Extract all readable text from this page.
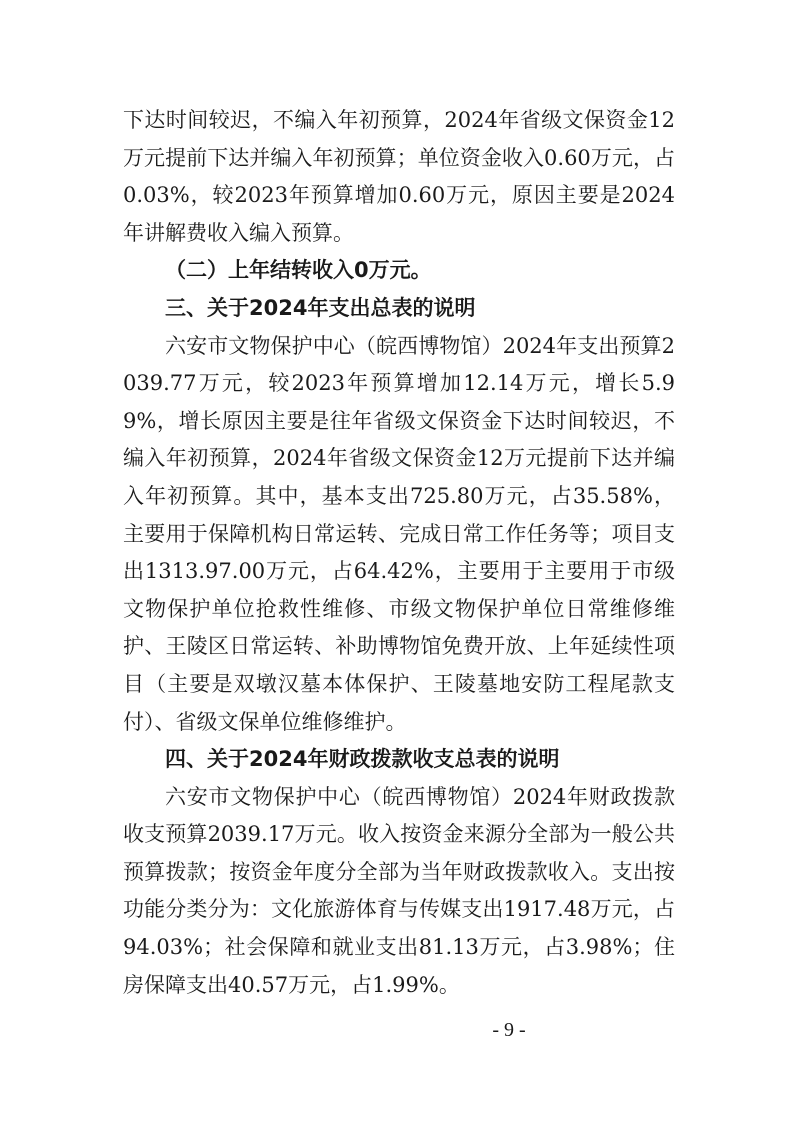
下达时间较迟，不编入年初预算，2024年省级文保资金12万元提前下达并编入年初预算；单位资金收入0.60万元，占0.03%，较2023年预算增加0.60万元，原因主要是2024年讲解费收入编入预算。

（二）上年结转收入0万元。

三、关于2024年支出总表的说明

六安市文物保护中心（皖西博物馆）2024年支出预算2039.77万元，较2023年预算增加12.14万元，增长5.99%，增长原因主要是往年省级文保资金下达时间较迟，不编入年初预算，2024年省级文保资金12万元提前下达并编入年初预算。其中，基本支出725.80万元，占35.58%，主要用于保障机构日常运转、完成日常工作任务等；项目支出1313.97.00万元，占64.42%，主要用于主要用于市级文物保护单位抢救性维修、市级文物保护单位日常维修维护、王陵区日常运转、补助博物馆免费开放、上年延续性项目（主要是双墩汉墓本体保护、王陵墓地安防工程尾款支付）、省级文保单位维修维护。

四、关于2024年财政拨款收支总表的说明

六安市文物保护中心（皖西博物馆）2024年财政拨款收支预算2039.17万元。收入按资金来源分全部为一般公共预算拨款；按资金年度分全部为当年财政拨款收入。支出按功能分类分为：文化旅游体育与传媒支出1917.48万元，占94.03%；社会保障和就业支出81.13万元，占3.98%；住房保障支出40.57万元，占1.99%。

- 9 -
